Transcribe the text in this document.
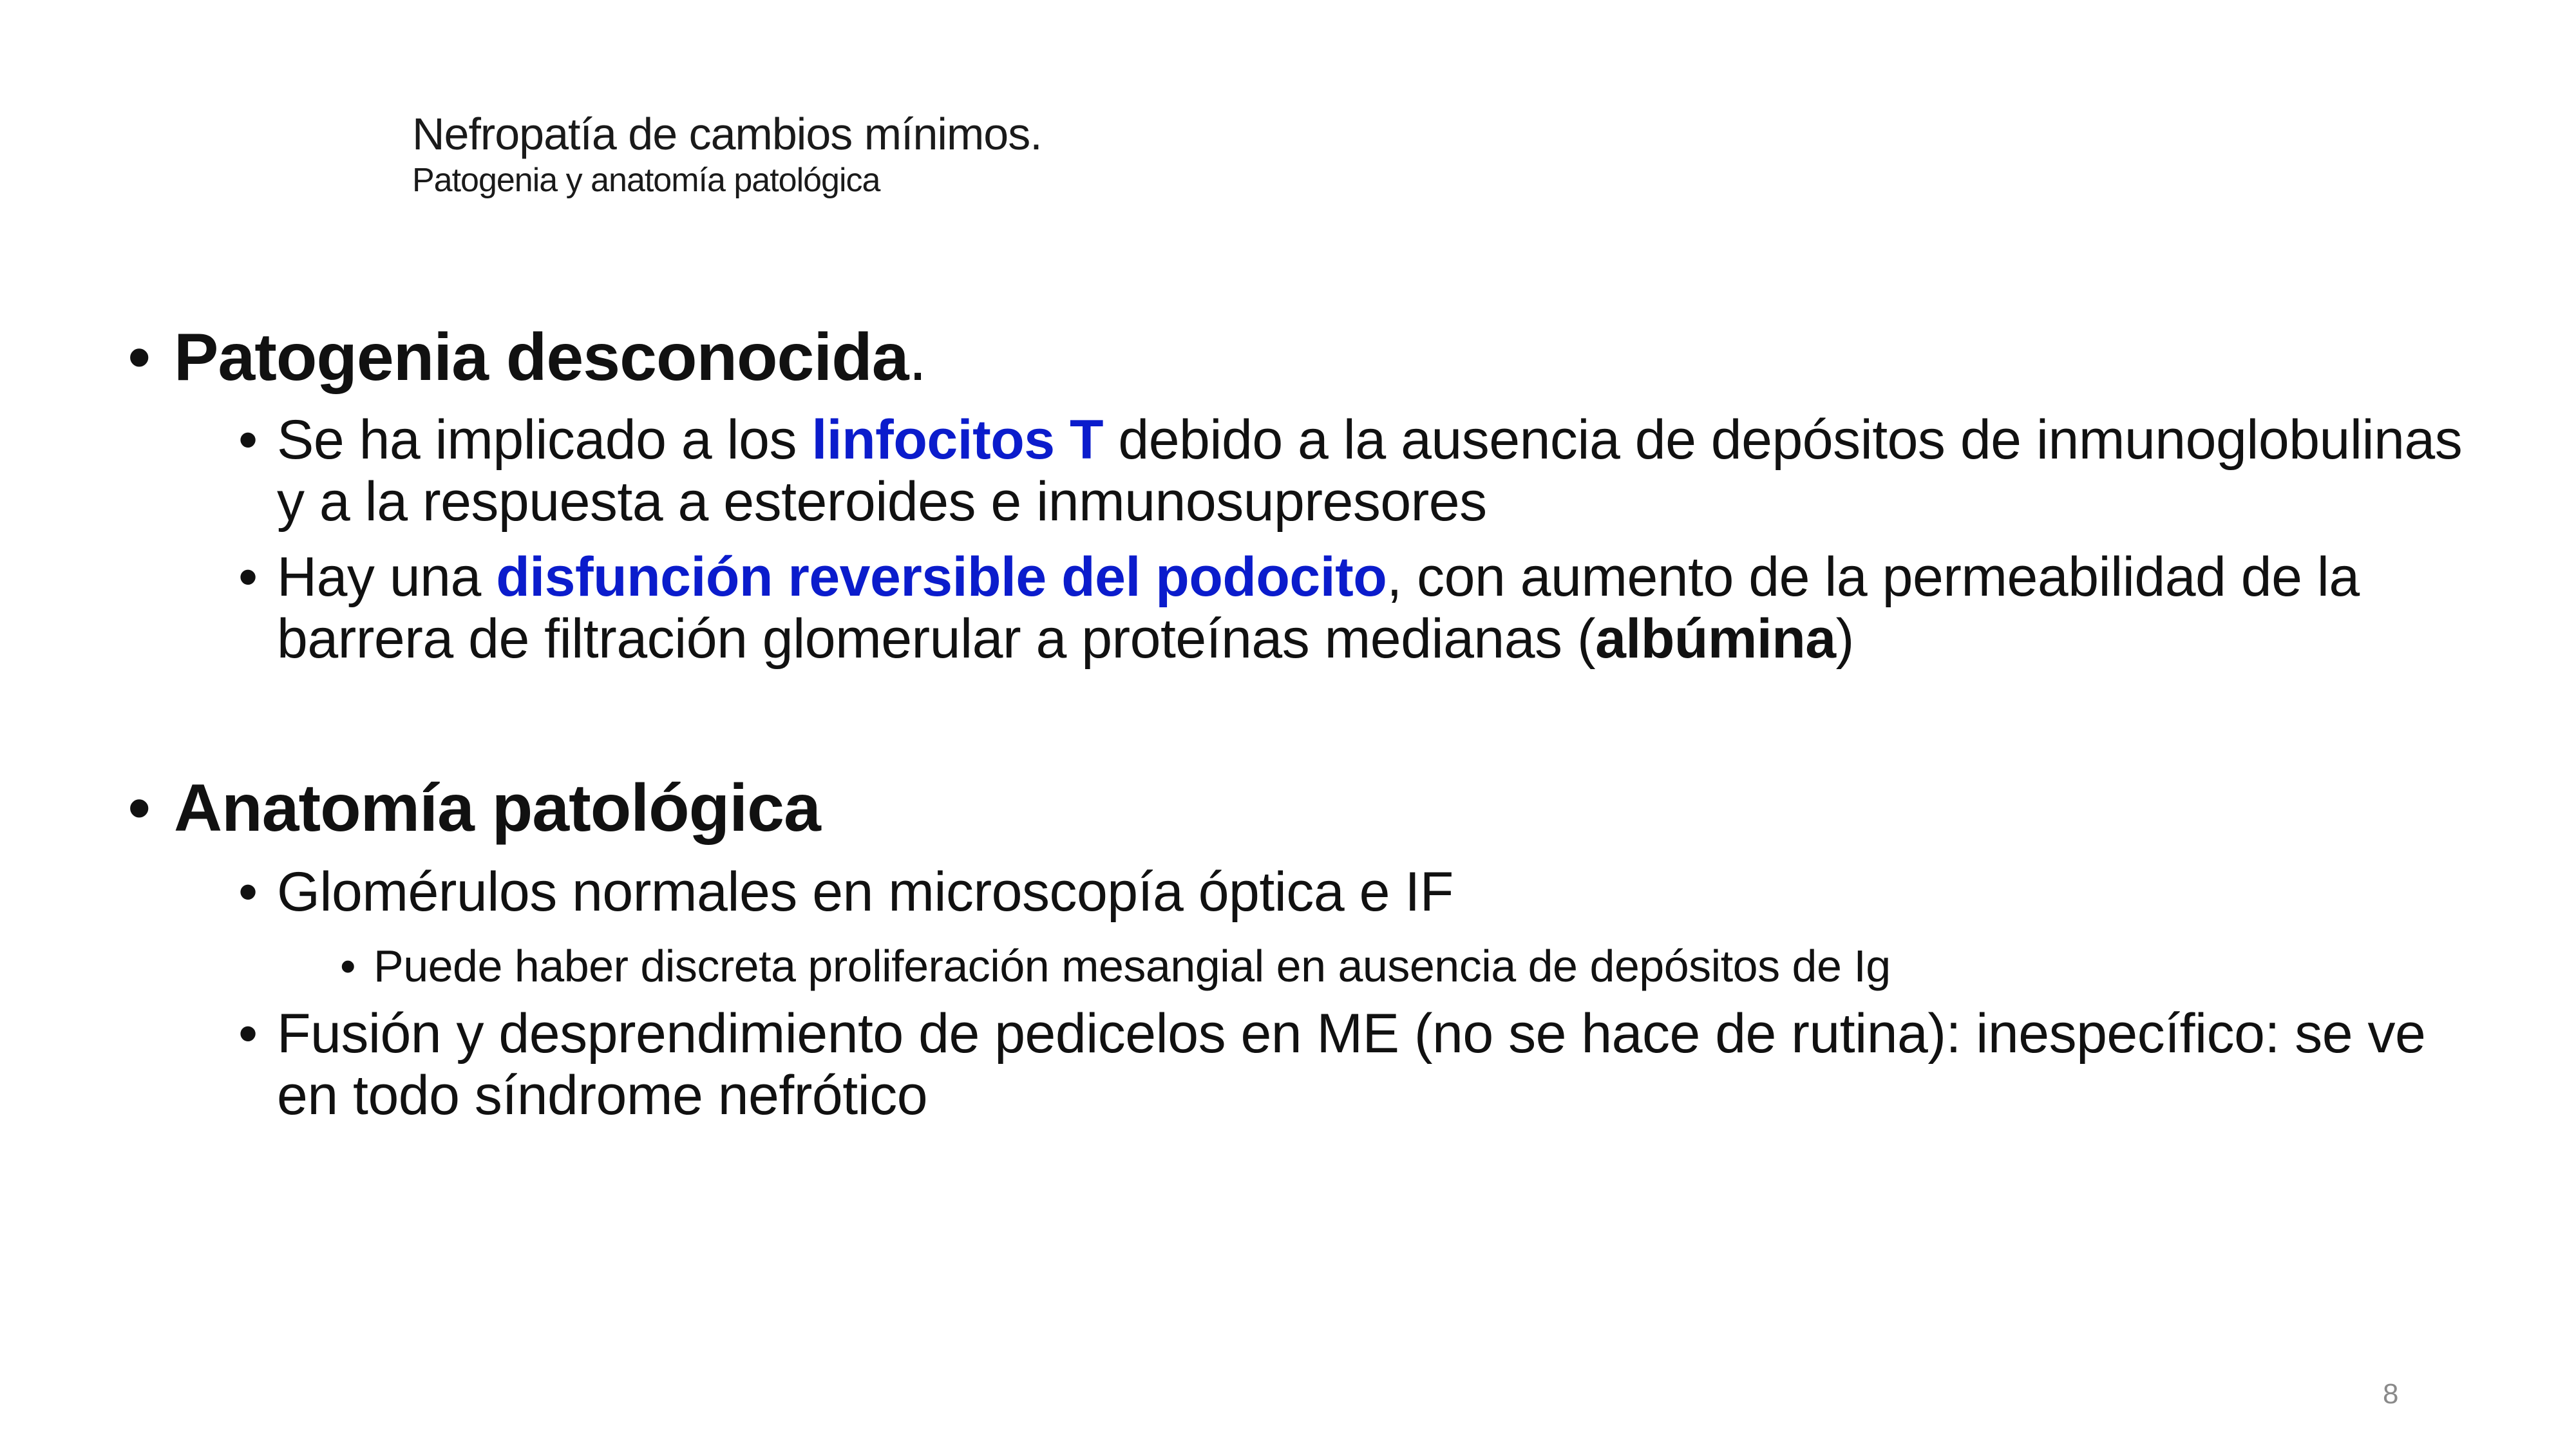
Nefropatía de cambios mínimos.
Patogenia y anatomía patológica
• Patogenia desconocida.
• Se ha implicado a los linfocitos T debido a la ausencia de depósitos de inmunoglobulinas y a la respuesta a esteroides e inmunosupresores
• Hay una disfunción reversible del podocito, con aumento de la permeabilidad de la barrera de filtración glomerular a proteínas medianas (albúmina)
• Anatomía patológica
• Glomérulos normales en microscopía óptica e IF
• Puede haber discreta proliferación mesangial en ausencia de depósitos de Ig
• Fusión y desprendimiento de pedicelos en ME (no se hace de rutina): inespecífico: se ve en todo síndrome nefrótico
8
